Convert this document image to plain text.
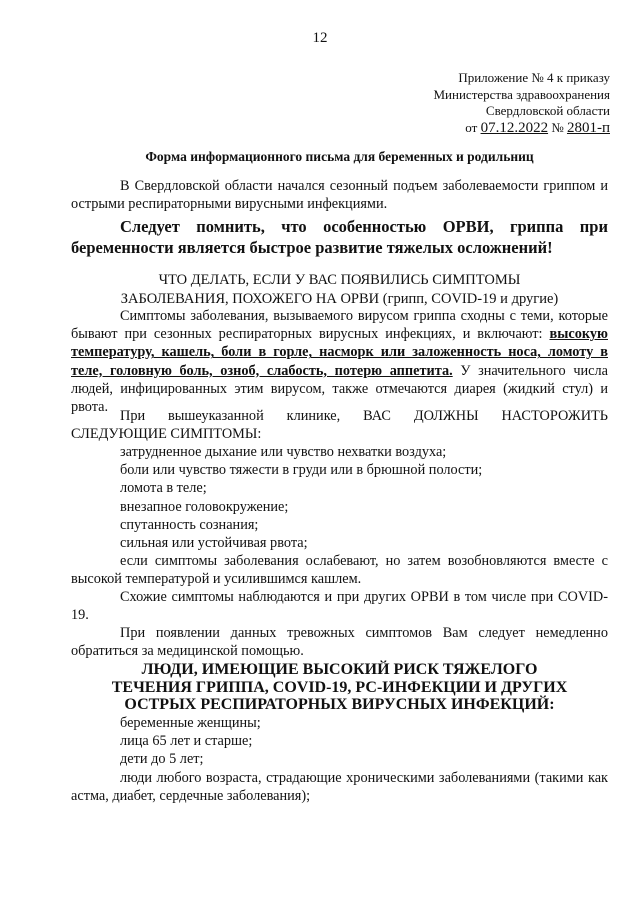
12
Приложение № 4 к приказу
Министерства здравоохранения
Свердловской области
от 07.12.2022 № 2801-п
Форма информационного письма для беременных и родильниц

В Свердловской области начался сезонный подъем заболеваемости гриппом и острыми респираторными вирусными инфекциями.

Следует помнить, что особенностью ОРВИ, гриппа при беременности является быстрое развитие тяжелых осложнений!

ЧТО ДЕЛАТЬ, ЕСЛИ У ВАС ПОЯВИЛИСЬ СИМПТОМЫ
ЗАБОЛЕВАНИЯ, ПОХОЖЕГО НА ОРВИ (грипп, COVID-19 и другие)

Симптомы заболевания, вызываемого вирусом гриппа сходны с теми, которые бывают при сезонных респираторных вирусных инфекциях, и включают: высокую температуру, кашель, боли в горле, насморк или заложенность носа, ломоту в теле, головную боль, озноб, слабость, потерю аппетита. У значительного числа людей, инфицированных этим вирусом, также отмечаются диарея (жидкий стул) и рвота.

При вышеуказанной клинике, ВАС ДОЛЖНЫ НАСТОРОЖИТЬ СЛЕДУЮЩИЕ СИМПТОМЫ:

затрудненное дыхание или чувство нехватки воздуха;

боли или чувство тяжести в груди или в брюшной полости;

ломота в теле;

внезапное головокружение;

спутанность сознания;

сильная или устойчивая рвота;

если симптомы заболевания ослабевают, но затем возобновляются вместе с высокой температурой и усилившимся кашлем.

Схожие симптомы наблюдаются и при других ОРВИ в том числе при COVID-19.

При появлении данных тревожных симптомов Вам следует немедленно обратиться за медицинской помощью.

ЛЮДИ, ИМЕЮЩИЕ ВЫСОКИЙ РИСК ТЯЖЕЛОГО ТЕЧЕНИЯ ГРИППА, COVID-19, РС-ИНФЕКЦИИ И ДРУГИХ ОСТРЫХ РЕСПИРАТОРНЫХ ВИРУСНЫХ ИНФЕКЦИЙ:

беременные женщины;

лица 65 лет и старше;

дети до 5 лет;

люди любого возраста, страдающие хроническими заболеваниями (такими как астма, диабет, сердечные заболевания);
